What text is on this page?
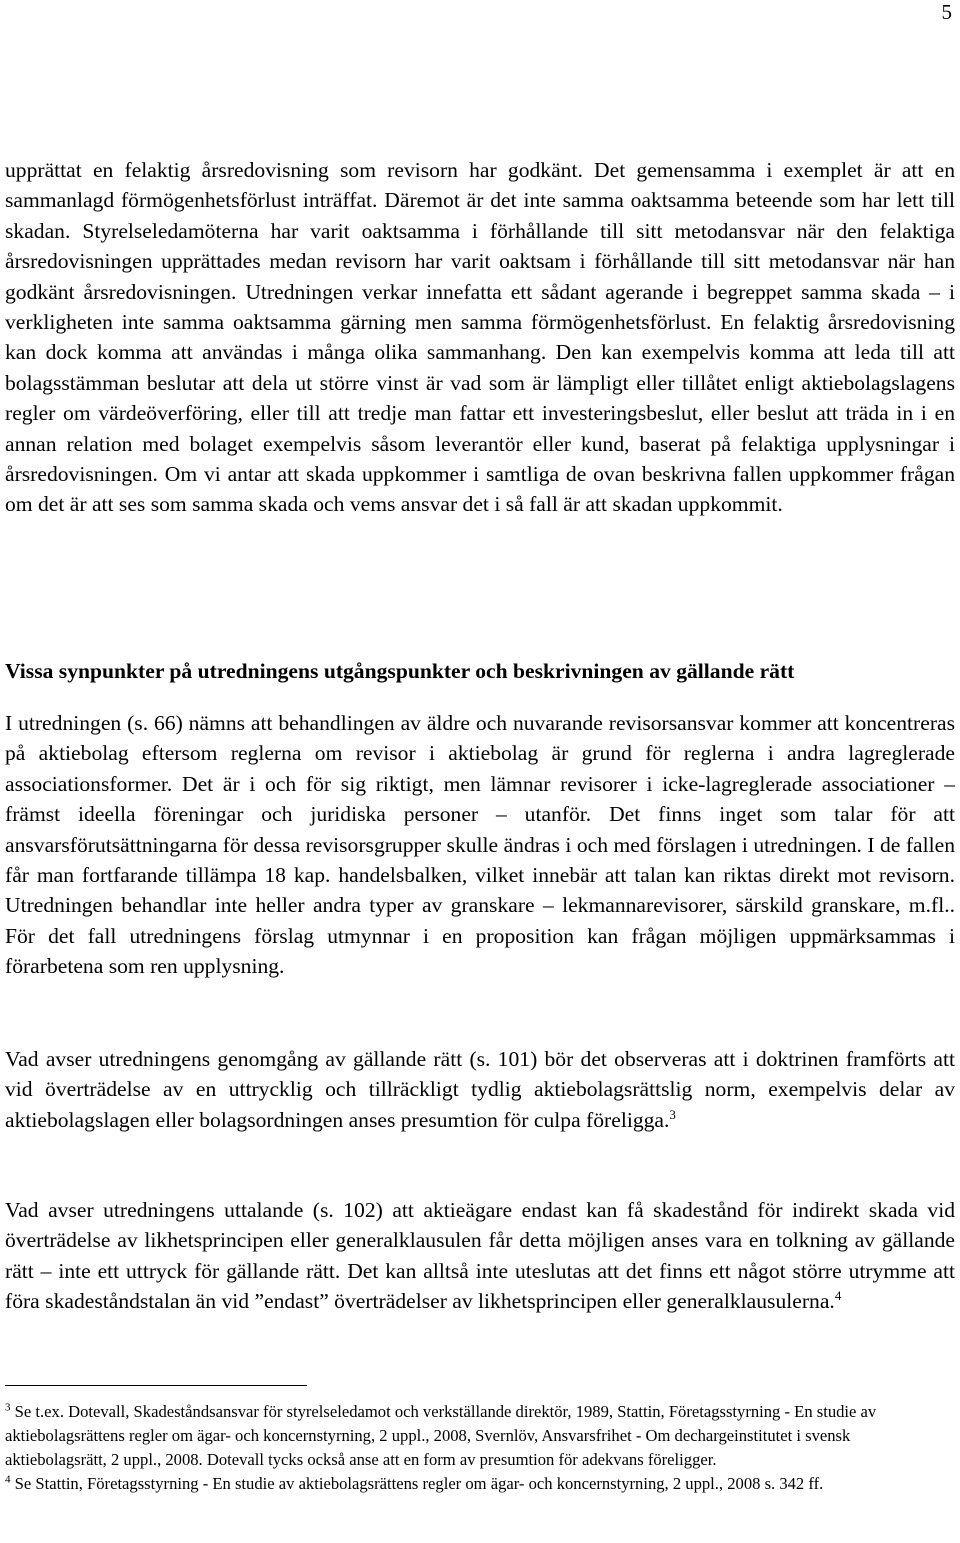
5

upprättat en felaktig årsredovisning som revisorn har godkänt. Det gemensamma i exemplet är att en sammanlagd förmögenhetsförlust inträffat. Däremot är det inte samma oaktsamma beteende som har lett till skadan. Styrelseledamöterna har varit oaktsamma i förhållande till sitt metodansvar när den felaktiga årsredovisningen upprättades medan revisorn har varit oaktsam i förhållande till sitt metodansvar när han godkänt årsredovisningen. Utredningen verkar innefatta ett sådant agerande i begreppet samma skada – i verkligheten inte samma oaktsamma gärning men samma förmögenhetsförlust. En felaktig årsredovisning kan dock komma att användas i många olika sammanhang. Den kan exempelvis komma att leda till att bolagsstämman beslutar att dela ut större vinst är vad som är lämpligt eller tillåtet enligt aktiebolagslagens regler om värdeöverföring, eller till att tredje man fattar ett investeringsbeslut, eller beslut att träda in i en annan relation med bolaget exempelvis såsom leverantör eller kund, baserat på felaktiga upplysningar i årsredovisningen. Om vi antar att skada uppkommer i samtliga de ovan beskrivna fallen uppkommer frågan om det är att ses som samma skada och vems ansvar det i så fall är att skadan uppkommit.

Vissa synpunkter på utredningens utgångspunkter och beskrivningen av gällande rätt

I utredningen (s. 66) nämns att behandlingen av äldre och nuvarande revisorsansvar kommer att koncentreras på aktiebolag eftersom reglerna om revisor i aktiebolag är grund för reglerna i andra lagreglerade associationsformer. Det är i och för sig riktigt, men lämnar revisorer i icke-lagreglerade associationer – främst ideella föreningar och juridiska personer – utanför. Det finns inget som talar för att ansvarsförutsättningarna för dessa revisorsgrupper skulle ändras i och med förslagen i utredningen. I de fallen får man fortfarande tillämpa 18 kap. handelsbalken, vilket innebär att talan kan riktas direkt mot revisorn. Utredningen behandlar inte heller andra typer av granskare – lekmannarevisorer, särskild granskare, m.fl.. För det fall utredningens förslag utmynnar i en proposition kan frågan möjligen uppmärksammas i förarbetena som ren upplysning.

Vad avser utredningens genomgång av gällande rätt (s. 101) bör det observeras att i doktrinen framförts att vid överträdelse av en uttrycklig och tillräckligt tydlig aktiebolagsrättslig norm, exempelvis delar av aktiebolagslagen eller bolagsordningen anses presumtion för culpa föreligga.$^3$

Vad avser utredningens uttalande (s. 102) att aktieägare endast kan få skadestånd för indirekt skada vid överträdelse av likhetsprincipen eller generalklausulen får detta möjligen anses vara en tolkning av gällande rätt – inte ett uttryck för gällande rätt. Det kan alltså inte uteslutas att det finns ett något större utrymme att föra skadeståndstalan än vid ”endast” överträdelser av likhetsprincipen eller generalklausulerna.$^4$

$^3$ Se t.ex. Dotevall, Skadeståndsansvar för styrelseledamot och verkställande direktör, 1989, Stattin, Företagsstyrning - En studie av aktiebolagsrättens regler om ägar- och koncernstyrning, 2 uppl., 2008, Svernlöv, Ansvarsfrihet - Om dechargeinstitutet i svensk aktiebolagsrätt, 2 uppl., 2008. Dotevall tycks också anse att en form av presumtion för adekvans föreligger.

$^4$ Se Stattin, Företagsstyrning - En studie av aktiebolagsrättens regler om ägar- och koncernstyrning, 2 uppl., 2008 s. 342 ff.
